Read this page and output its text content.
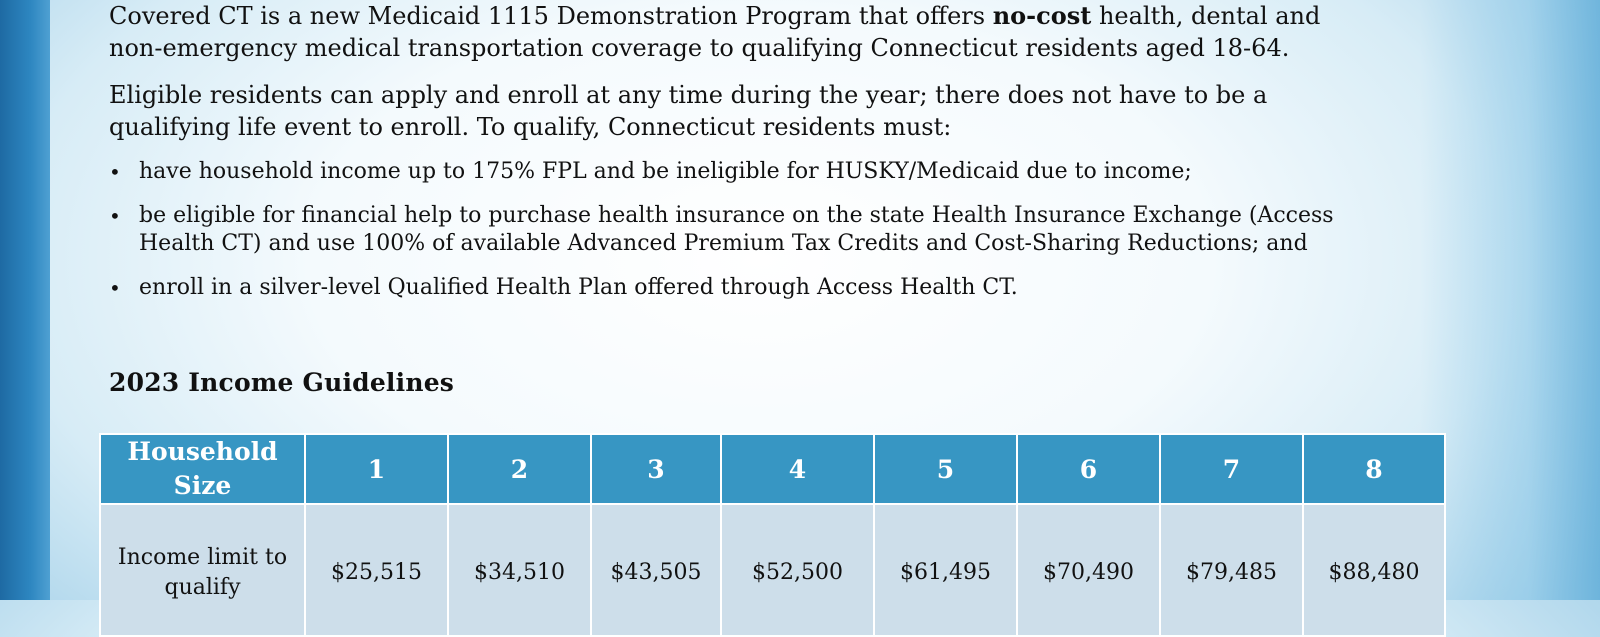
Covered CT is a new Medicaid 1115 Demonstration Program that offers no-cost health, dental and
non-emergency medical transportation coverage to qualifying Connecticut residents aged 18-64.
Eligible residents can apply and enroll at any time during the year; there does not have to be a
qualifying life event to enroll. To qualify, Connecticut residents must:
• have household income up to 175% FPL and be ineligible for HUSKY/Medicaid due to income;
• be eligible for financial help to purchase health insurance on the state Health Insurance Exchange (Access
Health CT) and use 100% of available Advanced Premium Tax Credits and Cost-Sharing Reductions; and
• enroll in a silver-level Qualified Health Plan offered through Access Health CT.
2023 Income Guidelines
Household
Size	1	2	3	4	5	6	7	8

Income limit to
qualify	$25,515	$34,510	$43,505	$52,500	$61,495	$70,490	$79,485	$88,480
